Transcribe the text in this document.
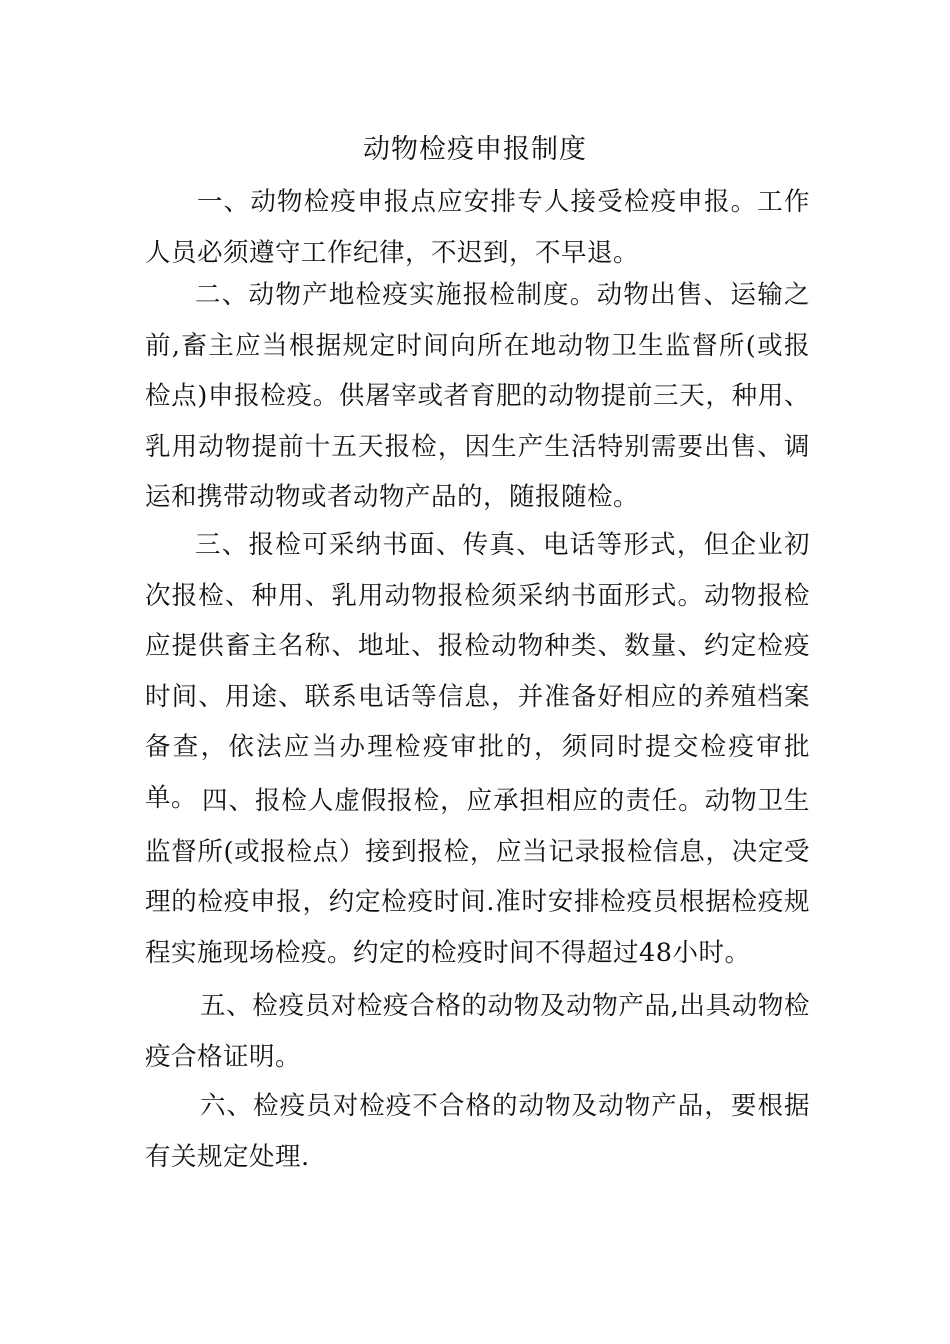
动物检疫申报制度

一、动物检疫申报点应安排专人接受检疫申报。工作人员必须遵守工作纪律，不迟到，不早退。

二、动物产地检疫实施报检制度。动物出售、运输之前,畜主应当根据规定时间向所在地动物卫生监督所(或报检点)申报检疫。供屠宰或者育肥的动物提前三天，种用、乳用动物提前十五天报检，因生产生活特别需要出售、调运和携带动物或者动物产品的，随报随检。

三、报检可采纳书面、传真、电话等形式，但企业初次报检、种用、乳用动物报检须采纳书面形式。动物报检应提供畜主名称、地址、报检动物种类、数量、约定检疫时间、用途、联系电话等信息，并准备好相应的养殖档案备查，依法应当办理检疫审批的，须同时提交检疫审批单。 四、报检人虚假报检，应承担相应的责任。动物卫生监督所(或报检点）接到报检，应当记录报检信息，决定受理的检疫申报，约定检疫时间.准时安排检疫员根据检疫规程实施现场检疫。约定的检疫时间不得超过48小时。

五、检疫员对检疫合格的动物及动物产品,出具动物检疫合格证明。

六、检疫员对检疫不合格的动物及动物产品，要根据有关规定处理.
